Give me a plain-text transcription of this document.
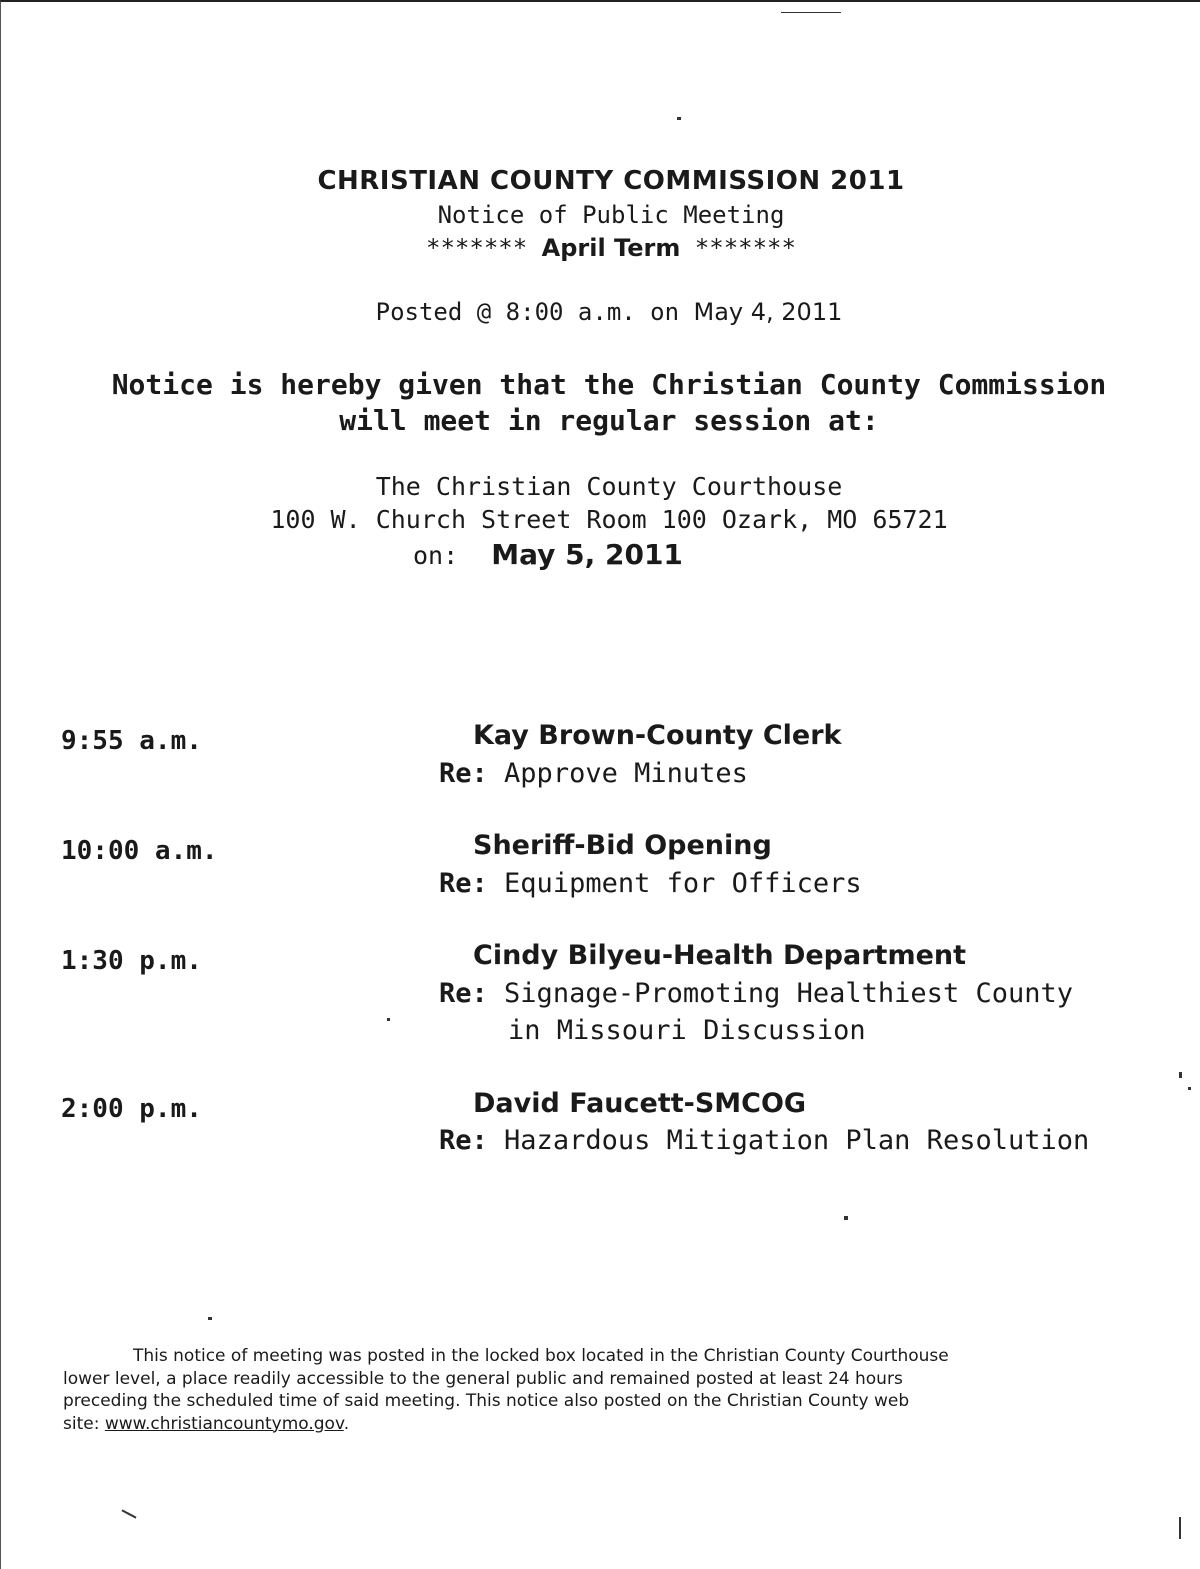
CHRISTIAN COUNTY COMMISSION 2011
Notice of Public Meeting
******* April Term *******
Posted @ 8:00 a.m. on May 4, 2011
Notice is hereby given that the Christian County Commission
will meet in regular session at:
The Christian County Courthouse
100 W. Church Street Room 100 Ozark, MO 65721
on: May 5, 2011
9:55 a.m.	Kay Brown-County Clerk
Re: Approve Minutes
10:00 a.m.	Sheriff-Bid Opening
Re: Equipment for Officers
1:30 p.m.	Cindy Bilyeu-Health Department
Re: Signage-Promoting Healthiest County
in Missouri Discussion
2:00 p.m.	David Faucett-SMCOG
Re: Hazardous Mitigation Plan Resolution
This notice of meeting was posted in the locked box located in the Christian County Courthouse
lower level, a place readily accessible to the general public and remained posted at least 24 hours
preceding the scheduled time of said meeting. This notice also posted on the Christian County web
site: www.christiancountymo.gov.
